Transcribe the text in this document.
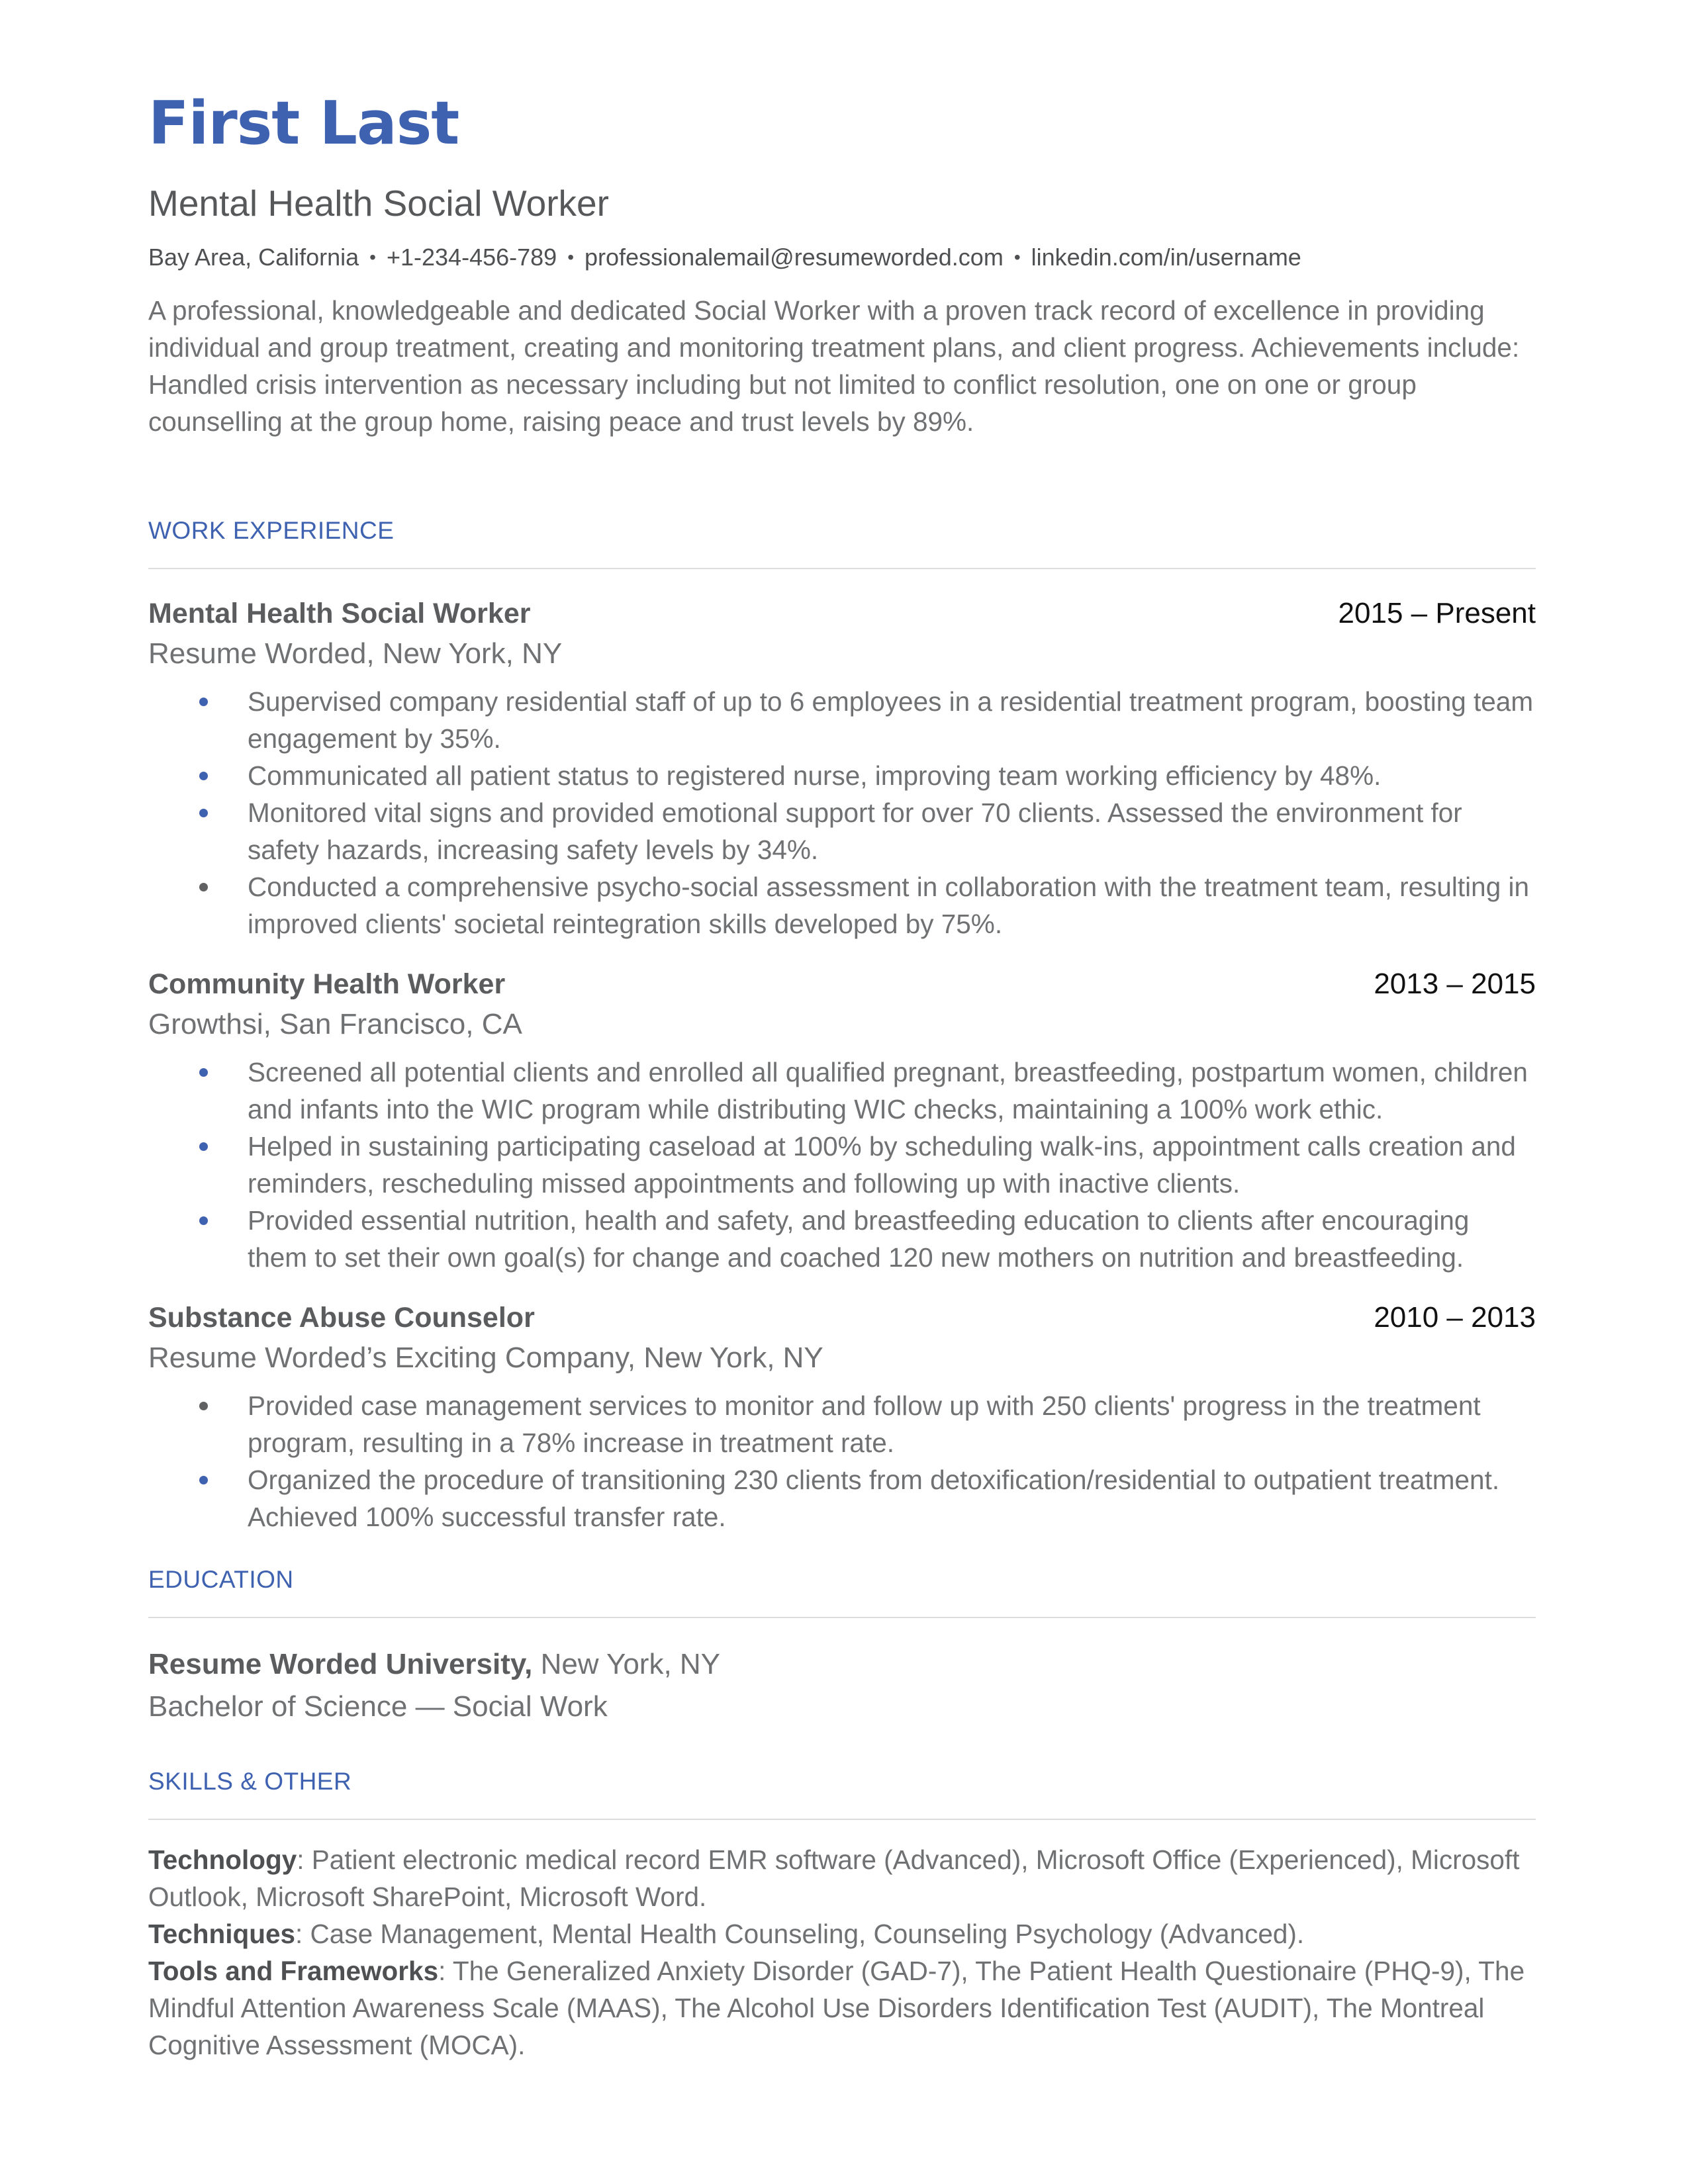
First Last
Mental Health Social Worker
Bay Area, California • +1-234-456-789 • professionalemail@resumeworded.com • linkedin.com/in/username
A professional, knowledgeable and dedicated Social Worker with a proven track record of excellence in providing individual and group treatment, creating and monitoring treatment plans, and client progress. Achievements include: Handled crisis intervention as necessary including but not limited to conflict resolution, one on one or group counselling at the group home, raising peace and trust levels by 89%.
WORK EXPERIENCE
Mental Health Social Worker	2015 – Present
Resume Worded, New York, NY
Supervised company residential staff of up to 6 employees in a residential treatment program, boosting team engagement by 35%.
Communicated all patient status to registered nurse, improving team working efficiency by 48%.
Monitored vital signs and provided emotional support for over 70 clients. Assessed the environment for safety hazards, increasing safety levels by 34%.
Conducted a comprehensive psycho-social assessment in collaboration with the treatment team, resulting in improved clients' societal reintegration skills developed by 75%.
Community Health Worker	2013 – 2015
Growthsi, San Francisco, CA
Screened all potential clients and enrolled all qualified pregnant, breastfeeding, postpartum women, children and infants into the WIC program while distributing WIC checks, maintaining a 100% work ethic.
Helped in sustaining participating caseload at 100% by scheduling walk-ins, appointment calls creation and reminders, rescheduling missed appointments and following up with inactive clients.
Provided essential nutrition, health and safety, and breastfeeding education to clients after encouraging them to set their own goal(s) for change and coached 120 new mothers on nutrition and breastfeeding.
Substance Abuse Counselor	2010 – 2013
Resume Worded’s Exciting Company, New York, NY
Provided case management services to monitor and follow up with 250 clients' progress in the treatment program, resulting in a 78% increase in treatment rate.
Organized the procedure of transitioning 230 clients from detoxification/residential to outpatient treatment. Achieved 100% successful transfer rate.
EDUCATION
Resume Worded University, New York, NY
Bachelor of Science — Social Work
SKILLS & OTHER
Technology: Patient electronic medical record EMR software (Advanced), Microsoft Office (Experienced), Microsoft Outlook, Microsoft SharePoint, Microsoft Word.
Techniques: Case Management, Mental Health Counseling, Counseling Psychology (Advanced).
Tools and Frameworks: The Generalized Anxiety Disorder (GAD-7), The Patient Health Questionaire (PHQ-9), The Mindful Attention Awareness Scale (MAAS), The Alcohol Use Disorders Identification Test (AUDIT), The Montreal Cognitive Assessment (MOCA).
